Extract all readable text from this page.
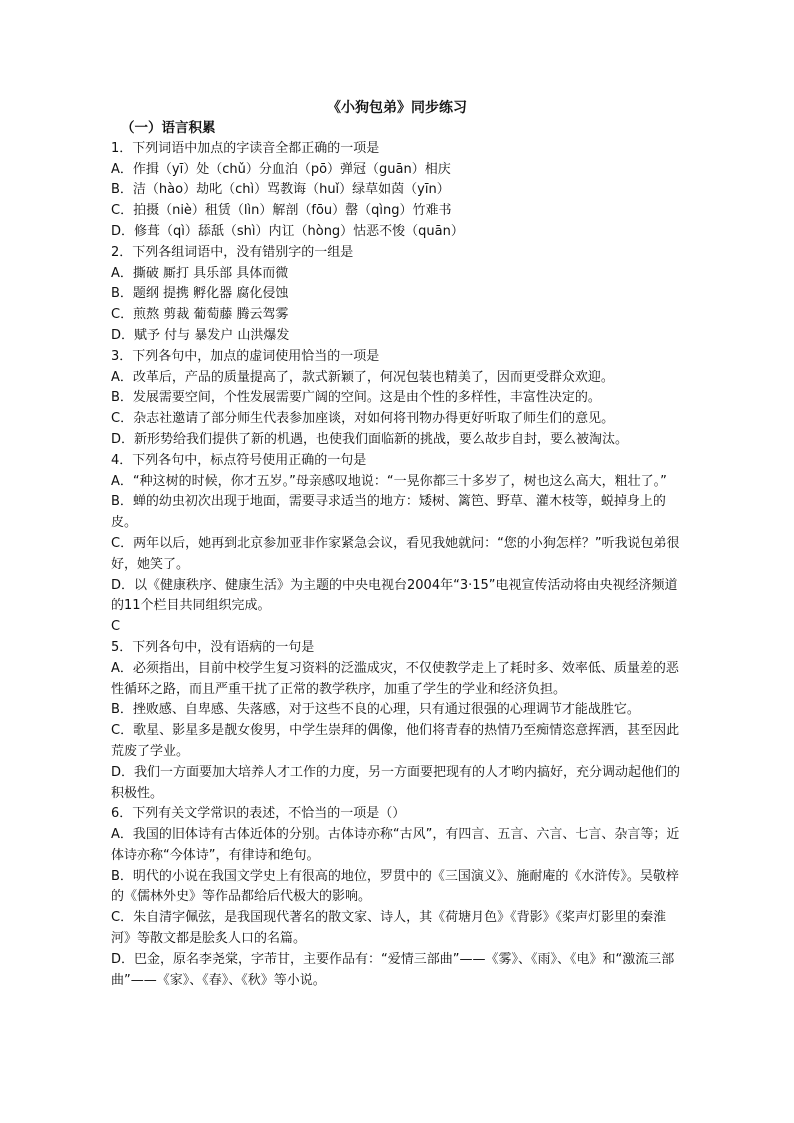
《小狗包弟》同步练习
（一）语言积累
1．下列词语中加点的字读音全都正确的一项是
A．作揖（yī）处（chǔ）分血泊（pō）弹冠（guān）相庆
B．洁（hào）劫叱（chì）骂教诲（huǐ）绿草如茵（yīn）
C．拍摄（niè）租赁（lìn）解剖（fōu）罄（qìng）竹难书
D．修葺（qì）舔舐（shì）内讧（hòng）怙恶不悛（quān）
2．下列各组词语中，没有错别字的一组是
A．撕破 厮打 具乐部 具体而微
B．题纲 提携 孵化器 腐化侵蚀
C．煎熬 剪裁 葡萄藤 腾云驾雾
D．赋予 付与 暴发户 山洪爆发
3．下列各句中，加点的虚词使用恰当的一项是
A．改革后，产品的质量提高了，款式新颖了，何况包装也精美了，因而更受群众欢迎。
B．发展需要空间，个性发展需要广阔的空间。这是由个性的多样性，丰富性决定的。
C．杂志社邀请了部分师生代表参加座谈，对如何将刊物办得更好听取了师生们的意见。
D．新形势给我们提供了新的机遇，也使我们面临新的挑战，要么故步自封，要么被淘汰。
4．下列各句中，标点符号使用正确的一句是
A．“种这树的时候，你才五岁。”母亲感叹地说：“一晃你都三十多岁了，树也这么高大，粗壮了。”
B．蝉的幼虫初次出现于地面，需要寻求适当的地方：矮树、篱笆、野草、灌木枝等，蜕掉身上的皮。
C．两年以后，她再到北京参加亚非作家紧急会议，看见我她就问：“您的小狗怎样？”听我说包弟很好，她笑了。
D．以《健康秩序、健康生活》为主题的中央电视台2004年“3·15”电视宣传活动将由央视经济频道的11个栏目共同组织完成。
C
5．下列各句中，没有语病的一句是
A．必须指出，目前中校学生复习资料的泛滥成灾，不仅使教学走上了耗时多、效率低、质量差的恶性循环之路，而且严重干扰了正常的教学秩序，加重了学生的学业和经济负担。
B．挫败感、自卑感、失落感，对于这些不良的心理，只有通过很强的心理调节才能战胜它。
C．歌星、影星多是靓女俊男，中学生崇拜的偶像，他们将青春的热情乃至痴情恣意挥洒，甚至因此荒废了学业。
D．我们一方面要加大培养人才工作的力度，另一方面要把现有的人才哟内搞好，充分调动起他们的积极性。
6．下列有关文学常识的表述，不恰当的一项是（）
A．我国的旧体诗有古体近体的分别。古体诗亦称“古风”，有四言、五言、六言、七言、杂言等；近体诗亦称“今体诗”，有律诗和绝句。
B．明代的小说在我国文学史上有很高的地位，罗贯中的《三国演义》、施耐庵的《水浒传》。吴敬梓的《儒林外史》等作品都给后代极大的影响。
C．朱自清字佩弦，是我国现代著名的散文家、诗人，其《荷塘月色》《背影》《桨声灯影里的秦淮河》等散文都是脍炙人口的名篇。
D．巴金，原名李尧棠，字芾甘，主要作品有：“爱情三部曲”——《雾》、《雨》、《电》和“激流三部曲”——《家》、《春》、《秋》等小说。
